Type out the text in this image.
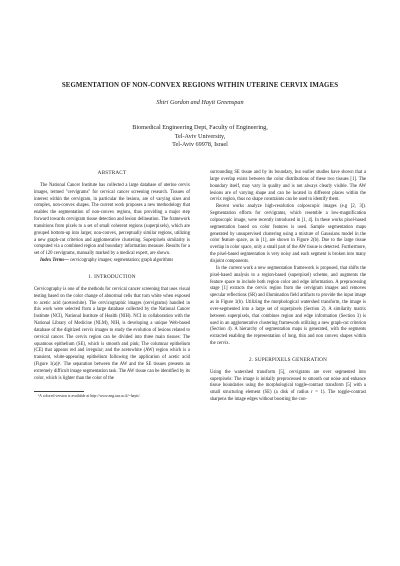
SEGMENTATION OF NON-CONVEX REGIONS WITHIN UTERINE CERVIX IMAGES
Shiri Gordon and Hayit Greenspan
Biomedical Engineering Dept, Faculty of Engineering,
Tel-Aviv University,
Tel-Aviv 69978, Israel
ABSTRACT

The National Cancer Institute has collected a large database of uterine cervix images, termed "cervigrams" for cervical cancer screening research. Tissues of interest within the cervigram, in particular the lesions, are of varying sizes and complex, non-convex shapes. The current work proposes a new methodology that enables the segmentation of non-convex regions, thus providing a major step forward towards cervigram tissue detection and lesion delineation. The framework transitions from pixels to a set of small coherent regions (superpixels), which are grouped bottom-up into larger, non-convex, perceptually similar regions, utilizing a new graph-cut criterion and agglomerative clustering. Superpixels similarity is computed via a combined region and boundary information measure. Results for a set of 120 cervigrams, manually marked by a medical expert, are shown.

Index Terms— cervicography images; segmentation; graph algorithms

1. INTRODUCTION

Cervicography is one of the methods for cervical cancer screening that uses visual testing based on the color change of abnormal cells that turn white when exposed to acetic acid (acetowhite). The cervicographic images (cervigrams) handled in this work were selected from a large database collected by the National Cancer Institute (NCI), National Institute of Health (NIH). NCI in collaboration with the National Library of Medicine (NLM), NIH, is developing a unique Web-based database of the digitized cervix images to study the evolution of lesions related to cervical cancer. The cervix region can be divided into three main tissues: The squamous epithelium (SE), which is smooth and pink; The columnar epithelium (CE) that appears red and irregular; and the acetowhite (AW) region which is a transient, white-appearing epithelium following the application of acetic acid (Figure 1(a))¹. The separation between the AW and the SE tissues presents an extremely difficult image segmentation task. The AW tissue can be identified by its color, which is lighter than the color of the

¹A colored version is available at http://www.eng.tau.ac.il/~hayit/.

surrounding SE tissue and by its boundary, but earlier studies have shown that a large overlap exists between the color distributions of these two tissues [1]. The boundary itself, may vary in quality and is not always clearly visible. The AW lesions are of varying shape and can be located in different places within the cervix region, thus no shape constraints can be used to identify them.

Recent works analyze high-resolution colposcopic images (e.g [2, 3]). Segmentation efforts for cervigrams, which resemble a low-magnification colposcopic image, were recently introduced in [1, 4]. In these works pixel-based segmentation based on color features is used. Sample segmentation maps generated by unsupervised clustering using a mixture of Gaussians model in the color feature space, as in [1], are shown in Figure 2(b). Due to the large tissue overlap in color space, only a small part of the AW tissue is detected. Furthermore, the pixel-based segmentation is very noisy and each segment is broken into many disjoint components.

In the current work a new segmentation framework is proposed, that shifts the pixel-based analysis to a region-based (superpixel) scheme, and augments the feature space to include both region color and edge information. A preprocessing stage [1] extracts the cervix region from the cervigram images and removes specular reflections (SR) and illumination field artifacts to provide the input image as in Figure 1(b). Utilizing the morphological watershed transform, the image is over-segmented into a large set of superpixels (Section 2). A similarity matrix between superpixels, that combines region and edge information (Section 3) is used in an agglomerative clustering framework utilizing a new graph-cut criterion (Section 4). A hierarchy of segmentation maps is generated, with the segments extracted enabling the representation of long, thin and non convex shapes within the cervix.

2. SUPERPIXELS GENERATION

Using the watershed transform [5], cervigrams are over segmented into superpixels: The image is initially preprocessed to smooth out noise and enhance tissue boundaries using the morphological toggle-contrast transform [5] with a small structuring element (SE) (a disk of radius r = 1). The toggle-contrast sharpens the image edges without boosting the con-
